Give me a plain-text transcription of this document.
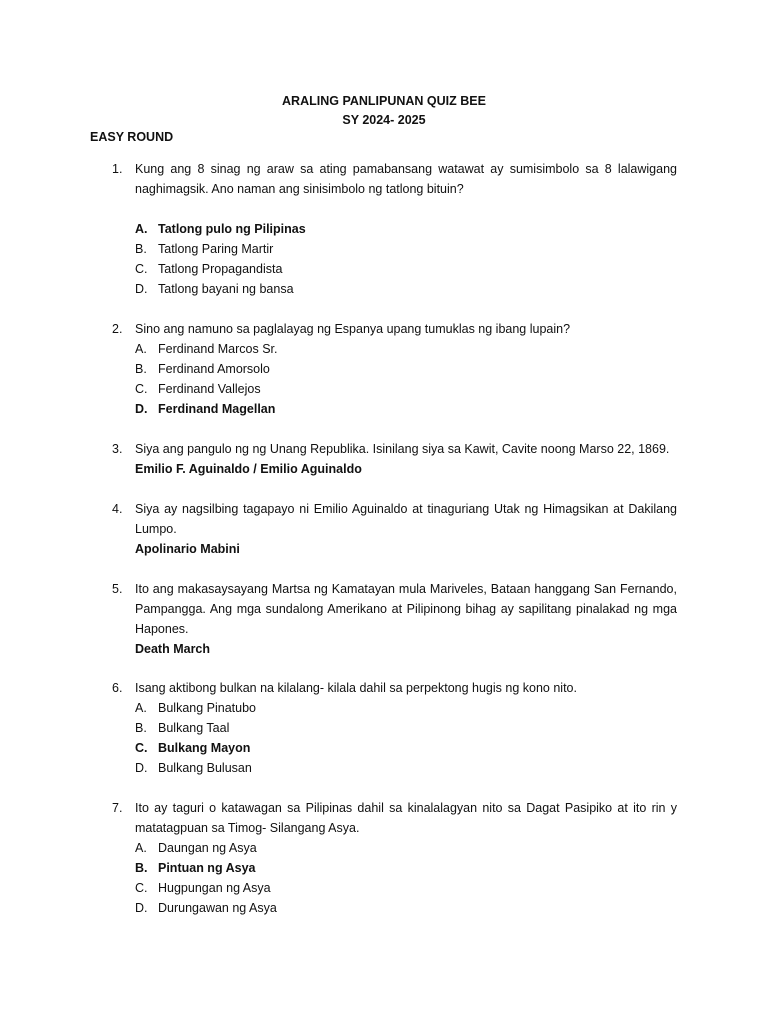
ARALING PANLIPUNAN QUIZ BEE
SY 2024- 2025
EASY ROUND
1.	Kung ang 8 sinag ng araw sa ating pamabansang watawat ay sumisimbolo sa 8 lalawigang naghimagsik. Ano naman ang sinisimbolo ng tatlong bituin?
A. Tatlong pulo ng Pilipinas
B. Tatlong Paring Martir
C. Tatlong Propagandista
D. Tatlong bayani ng bansa
2.	Sino ang namuno sa paglalayag ng Espanya upang tumuklas ng ibang lupain?
A. Ferdinand Marcos Sr.
B. Ferdinand Amorsolo
C. Ferdinand Vallejos
D. Ferdinand Magellan
3.	Siya ang pangulo ng ng Unang Republika. Isinilang siya sa Kawit, Cavite noong Marso 22, 1869.
Emilio F. Aguinaldo / Emilio Aguinaldo
4.	Siya ay nagsilbing tagapayo ni Emilio Aguinaldo at tinaguriang Utak ng Himagsikan at Dakilang Lumpo.
Apolinario Mabini
5.	Ito ang makasaysayang Martsa ng Kamatayan mula Mariveles, Bataan hanggang San Fernando, Pampangga. Ang mga sundalong Amerikano at Pilipinong bihag ay sapilitang pinalakad ng mga Hapones.
Death March
6.	Isang aktibong bulkan na kilalang- kilala dahil sa perpektong hugis ng kono nito.
A. Bulkang Pinatubo
B. Bulkang Taal
C. Bulkang Mayon
D. Bulkang Bulusan
7.	Ito ay taguri o katawagan sa Pilipinas dahil sa kinalalagyan nito sa Dagat Pasipiko at ito rin y matatagpuan sa Timog- Silangang Asya.
A. Daungan ng Asya
B. Pintuan ng Asya
C. Hugpungan ng Asya
D. Durungawan ng Asya
